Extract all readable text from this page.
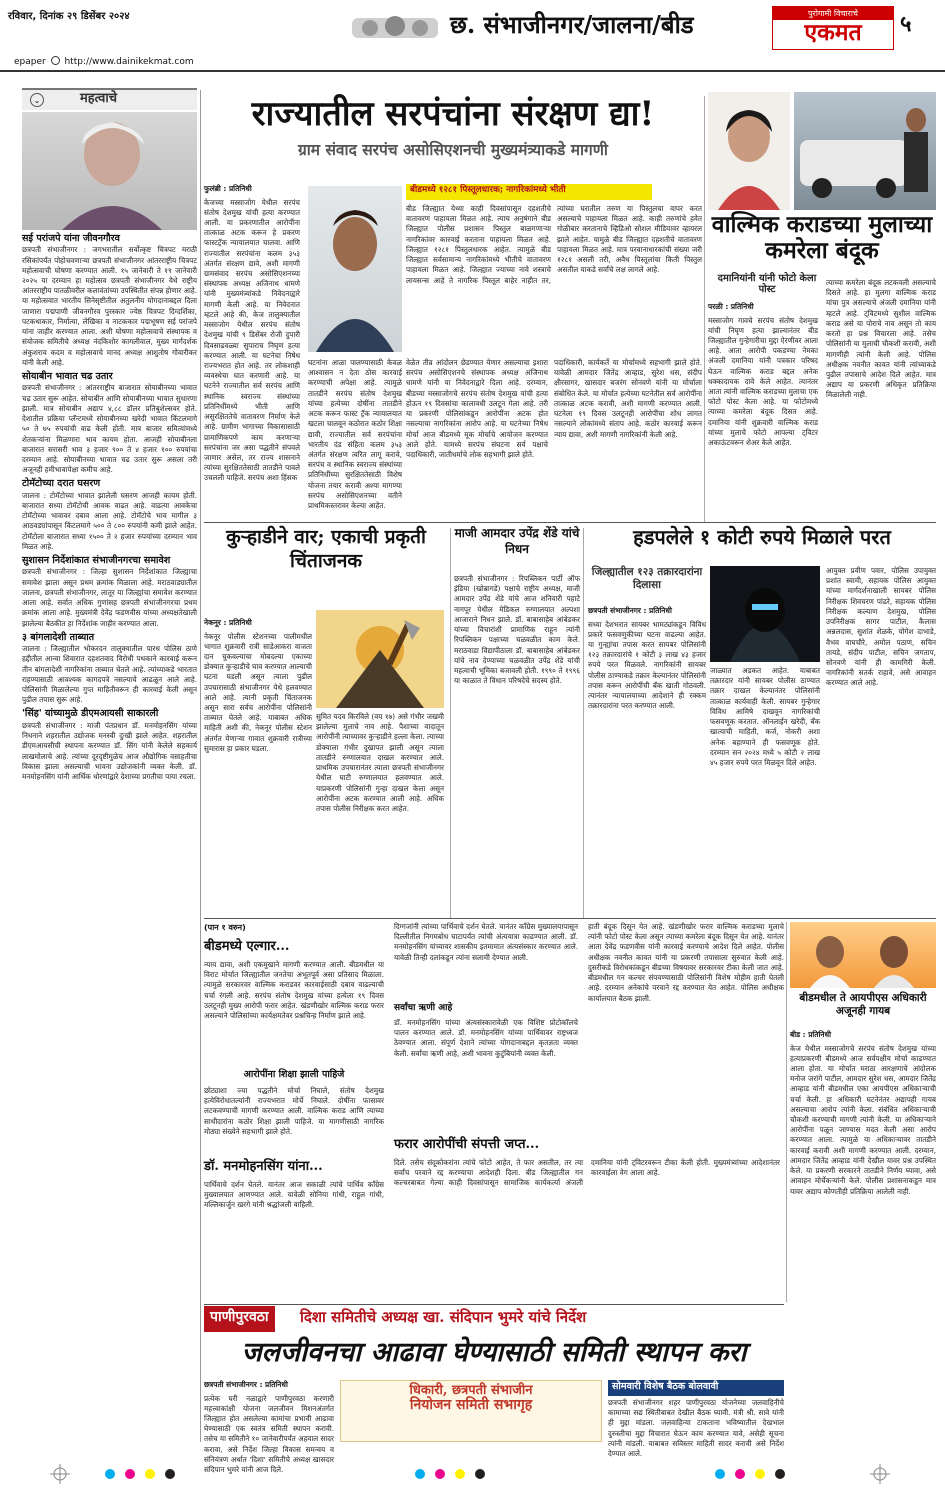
रविवार, दिनांक २९ डिसेंबर २०२४
epaper http://www.dainikekmat.com
छ. संभाजीनगर/जालना/बीड	पुरोगामी विचाराचे
एकमत	५
⌄	महत्वाचे
सई परांजपे यांना जीवनगौरव
छत्रपती संभाजीनगर : जगभरातील सर्वोत्कृष्ट चित्रपट मराठी रसिकांपर्यंत पोहोचवणाऱ्या छत्रपती संभाजीनगर आंतरराष्ट्रीय चित्रपट महोत्सवाची घोषणा करण्यात आली. १५ जानेवारी ते १९ जानेवारी २०२५ या दरम्यान हा महोत्सव छत्रपती संभाजीनगर येथे राष्ट्रीय आंतरराष्ट्रीय पातळीवरील कलावंतांच्या उपस्थितीत संपन्न होणार आहे. या महोत्सवात भारतीय सिनेसृष्टीतील अतुलनीय योगदानाबद्दल दिला जाणारा पद्मपाणी जीवनगौरव पुरस्कार ज्येष्ठ चित्रपट दिग्दर्शिका, पटकथाकार, निर्मात्या, लेखिका व नाटककार पद्मभूषण सई परांजपे यांना जाहीर करण्यात आला. अशी घोषणा महोत्सवाचे संस्थापक व संयोजक समितीचे अध्यक्ष नंदकिशोर कागलीवाल, मुख्य मार्गदर्शक अंकुशराव कदम व महोत्सवाचे मानद अध्यक्ष आशुतोष गोवारीकर यांनी केली आहे.
सोयाबीन भावात चढ उतार
छत्रपती संभाजीनगर : आंतरराष्ट्रीय बाजारात सोयाबीनच्या भावात चढ उतार सुरू आहेत. सोयाबीन आणि सोयाबीनच्या भावात सुधारणा झाली. मात्र सोयाबीन अद्याप ४,८८ डॉलर प्रतिबुशेल्सवर होते. देशातील प्रक्रिया प्लॅन्टमध्ये सोयाबीनच्या खरेदी भावात किंटलमागे ५० ते ७५ रुपयांची वाढ केली होती. मात्र बाजार समित्यांमध्ये शेतकऱ्यांना मिळणारा भाव कायम होता. आजही सोयाबीनला बाजारात सरासरी भाव ३ हजार ९०० ते ४ हजार १०० रुपयांचा दरम्यान आहे. सोयाबीनच्या भावात चढ उतार सुरू असला तरी अजूनही हमीभावापेक्षा कमीच आहे.
टोमॅटोच्या दरात घसरण
जालना : टोमॅटोच्या भावात झालेली घसरण आजही कायम होती. बाजारात सध्या टोमॅटोची आवक वाढत आहे. वाढत्या आवकेचा टोमॅटोच्या भावावर दबाव आला आहे. टोमॅटोचे भाव मागील ३ आठवड्यांपासून किंटलमागे ५०० ते ८०० रुपयांनी कमी झाले आहेत. टोमॅटोला बाजारात सध्या १५०० ते २ हजार रुपयांच्या दरम्यान भाव मिळत आहे.
सुशासन निर्देशांकात संभाजीनगरचा समावेश
छत्रपती संभाजीनगर : जिल्हा सुशासन निर्देशांकात जिल्ह्याचा समावेश झाला असून प्रथम क्रमांक मिळाला आहे. मराठवाड्यातील जालना, छत्रपती संभाजीनगर, लातूर या जिल्ह्यांचा समावेश करण्यात आला आहे. सर्वात अधिक गुणांसह छत्रपती संभाजीनगरचा प्रथम क्रमांक आला आहे. मुख्यमंत्री देवेंद्र फडणवीस यांच्या अध्यक्षतेखाली झालेल्या बैठकीत हा निर्देशांक जाहीर करण्यात आला.
३ बांगलादेशी ताब्यात
जालना : जिल्ह्यातील भोकरदन तालुक्यातील पारध पोलिस ठाणे हद्दीतील आन्वा शिवारात दहशतवाद विरोधी पथकाने कारवाई करून तीन बांगलादेशी नागरिकांना ताब्यात घेतले आहे. त्यांच्याकडे भारतात राहण्यासाठी आवश्यक कागदपत्रे नसल्याचे आढळून आले आहे. पोलिसांनी मिळालेल्या गुप्त माहितीवरून ही कारवाई केली असून पुढील तपास सुरू आहे.
'सिंह' यांच्यामुळे डीएमआयसी साकारली
छत्रपती संभाजीनगर : माजी पंतप्रधान डॉ. मनमोहनसिंग यांच्या निधनाने शहरातील उद्योजक मनस्वी दुःखी झाले आहेत. शहरातील डीएमआयसीची स्थापना करण्यात डॉ. सिंग यांनी केलेले सहकार्य लाखमोलाचे आहे. त्यांच्या दूरदृष्टीमुळेच आज औद्योगिक वसाहतीचा विकास झाला असल्याची भावना उद्योजकांनी व्यक्त केली. डॉ. मनमोहनसिंग यांनी आर्थिक धोरणांद्वारे देशाच्या प्रगतीचा पाया रचला.
राज्यातील सरपंचांना संरक्षण द्या!
ग्राम संवाद सरपंच असोसिएशनची मुख्यमंत्र्याकडे मागणी
फुलंब्री : प्रतिनिधी
केजच्या मस्साजोग येथील सरपंच संतोष देशमुख यांची हत्या करण्यात आली. या प्रकरणातील आरोपींना तात्काळ अटक करून हे प्रकरण फास्टट्रॅक न्यायालयात चालवा. आणि राज्यातील सरपंचांना कलम ३५३ अंतर्गत संरक्षण द्यावे, अशी मागणी ग्रामसंवाद सरपंच असोसिएशनच्या संस्थापक अध्यक्ष अजिनाथ धामणे यांनी मुख्यमंत्र्यांकडे निवेदनाद्वारे मागणी केली आहे. या निवेदनात म्हटले आहे की, केज तालुक्यातील मस्साजोग येथील सरपंच संतोष देशमुख यांची ९ डिसेंबर रोजी दुपारी दिवसाढवळ्या सुपाराच निघृण हत्या करण्यात आली. या घटनेचा निषेध राज्यभरात होत आहे. तर लोकशाही व्यवस्थेचा घात करणारी आहे. या घटनेने राज्यातील सर्व सरपंच आणि स्थानिक स्वराज्य संस्थांच्या प्रतिनिधींमध्ये भीती आणि असुरक्षिततेचे वातावरण निर्माण केले आहे. ग्रामीण भागाच्या विकासासाठी प्रामाणिकपणे काम करणाऱ्या सरपंचांना जर असा पद्धतीने संपवले जाणार असेल, तर राज्य शासनाने त्यांच्या सुरक्षिततेसाठी तातडीने पावले उचलली पाहिजे. सरपंच अशा हिंसक
घटनांना आळा पालण्यासाठी केवळ आश्वासन न देता ठोस कारवाई करण्याची अपेक्षा आहे. त्यामुळे तातडीने सरपंच संतोष देशमुख यांच्या हत्येच्या दोषींना तातडीने अटक करून फास्ट ट्रॅक न्यायालयात खटला चालवून कठोरात कठोर शिक्षा द्यावी, राज्यातील सर्व सरपंचांना भारतीय दंड संहिता कलम ३५३ अंतर्गत संरक्षण त्वरित लागू करावे, सरपंच व स्थानिक स्वराज्य संस्थांच्या प्रतिनिधींच्या सुरक्षिततेसाठी विशेष योजना तयार करावी अश्या मागण्या सरपंच असोसिएशनच्या वतीने प्राथमिकस्तरावर केल्या आहेत.
बीडमध्ये १२८१ पिस्तूलधारक; नागरिकांमध्ये भीती
बीड जिल्ह्यात येथ्या काही दिवसांपासून दहशतीचे वातावरण पाहायला मिळत आहे. त्याच अनुषंगाने बीड जिल्ह्यात पोलीस प्रशासन पिस्तुल बाळगणाऱ्या नागरिकांवर कारवाई करताना पाहायला मिळत आहे. जिल्ह्यात १२८१ पिस्तुलधारक आहेत. त्यामुळे बीड जिल्ह्यात सर्वसामान्य नागरिकांमध्ये भीतीचे वातावरण पाहायला मिळत आहे. जिल्ह्यात ज्याच्या नावे शस्त्राचे लायसन्स आहे ते नागरिक पिस्तूल बाहेर नाहीत तर, त्यांच्या घरातील तरुण या पिस्तुलचा वापर करत असल्याचे पाहायला मिळत आहे. काही तरुणांचे हवेत गोळीबार करतानाचे व्हिडिओ सोशल मीडियावर व्हायरल झाले आहेत. यामुळे बीड जिल्ह्यात दहशतीचे वातावरण पाहायला मिळत आहे. मात्र परवानाधारकांची संख्या जरी १२८१ असली तरी, अवैध पिस्तूलांचा किती पिस्तुल असतील याकडे सर्वांचे लक्ष लागले आहे.
वेळेत तीव्र आंदोलन छेडण्यात येणार असल्याचा इशारा सरपंच असोसिएशनचे संस्थापक अध्यक्ष अजिनाथ धामणे यांनी या निवेदनाद्वारे दिला आहे. दरम्यान, बीडच्या मस्साजोगचे सरपंच संतोष देशमुख यांची हत्या होऊन १९ दिवसांचा कालावधी उलटून गेला आहे. तरी या प्रकरणी पोलिसांकडून आरोपींना अटक होत नसल्याचा नागरिकांना आरोप आहे. या घटनेच्या निषेध मोर्चा आज बीडमध्ये मूक मोर्चाचे आयोजन करण्यात आले होते. यामध्ये सरपंच संघटना सर्व पक्षाचे पदाधिकारी, जातीधर्माचे लोक सहभागी झाले होते.
पदाधिकारी, कार्यकर्ते या मोर्चामध्ये सहभागी झाले होते. यावेळी आमदार जितेंद्र आव्हाड, सुरेश धस, संदीप क्षीरसागर, खासदार बजरंग सोनवणे यांनी या मोर्चाला संबोधित केले. या मोर्चात हत्येच्या घटनेतील सर्व आरोपींना तात्काळ अटक करावी, अशी मागणी करण्यात आली. घटनेला १९ दिवस उलटूनही आरोपींचा शोध लागत नसल्याने लोकांमध्ये संताप आहे. कठोर कारवाई करून न्याय द्यावा, अशी मागणी नागरिकांनी केली आहे.
वाल्मिक कराडच्या मुलाच्या कमरेला बंदूक
दमानियांनी यांनी फोटो केला पोस्ट
परळी : प्रतिनिधी
मस्साजोग गावचे सरपंच संतोष देशमुख यांची निघृण हत्या झाल्यानंतर बीड जिल्ह्यातील गुन्हेगारीचा मुद्दा ऐरणीवर आला आहे. आता आरोपी पकडण्या नेमका अंजली दमानिया यांनी पत्रकार परिषद घेऊन वाल्मिक कराड बद्दल अनेक धक्कादायक दावे केले आहेत. त्यानंतर आता त्यांनी वाल्मिक कराडच्या मुलाचा एक फोटो पोस्ट केला आहे. या फोटोमध्ये त्याच्या कमरेला बंदूक दिसत आहे. दमानिया यांनी शुक्रवारी वाल्मिक कराड यांच्या मुलाचे फोटो आपल्या ट्विटर अकाऊंटवरून शेअर केले आहेत.
त्याच्या कमरेला बंदूक लटकवली असल्याचे दिसते आहे. हा मुलगा वाल्मिक कराड यांचा पुत्र असल्याचे अंजली दमानिया यांनी म्हटले आहे. ट्विटमध्ये सुशील वाल्मिक कराड असे या पोराचे नाव असून तो काय करतो हा प्रश्न विचारला आहे. तसेच पोलिसांनी या मुलाची चौकशी करावी, अशी मागणीही त्यांनी केली आहे. पोलिस अधीक्षक नवनीत कावत यांनी त्यांच्याकडे पुढील तपासाचे आदेश दिले आहेत. मात्र अद्याप या प्रकरणी अधिकृत प्रतिक्रिया मिळालेली नाही.
कुऱ्हाडीने वार; एकाची प्रकृती चिंताजनक
नेकनूर : प्रतिनिधी
नेकनूर पोलीस स्टेशनच्या पालीमधील भागात शुक्रवारी रात्री साडेआकरा वाजता दान चुकवल्याचा मोबदल्या एकाच्या डोक्यात कुऱ्हाडीचे घाव करण्यात आल्याची घटना घडली असून त्याला पुढील उपचारासाठी संभाजीनगर येथे हलवण्यात आले आहे. त्यानी प्रकृती चिंताजनक असून सारा सर्वच आरोपींना पोलिसांनी ताब्यात घेतले आहे. याबाबत अधिक माहिती अशी की, नेकनूर पोलीस स्टेशन अंतर्गत येणाऱ्या गावात शुक्रवारी रात्रीच्या सुमारास हा प्रकार घडला.
सुमित यदव किरविले (वय १७) असे गंभीर जखमी झालेल्या मुलाचे नाव आहे. पैशाच्या वादातून आरोपींनी त्याच्यावर कुऱ्हाडीने हल्ला केला. त्याच्या डोक्याला गंभीर दुखापत झाली असून त्याला तातडीने रुग्णालयात दाखल करण्यात आले. प्राथमिक उपचारानंतर त्याला छत्रपती संभाजीनगर येथील घाटी रुग्णालयात हलवण्यात आले. याप्रकरणी पोलिसांनी गुन्हा दाखल केला असून आरोपींना अटक करण्यात आली आहे. अधिक तपास पोलीस निरीक्षक करत आहेत.
माजी आमदार उपेंद्र शेंडे यांचे निधन
छत्रपती संभाजीनगर : रिपब्लिकन पार्टी ऑफ इंडिया (खोब्रागडे) पक्षाचे राष्ट्रीय अध्यक्ष, माजी आमदार उपेंद्र शेंडे यांचे आज शनिवारी पहाटे नागपूर येथील मेडिकल रुग्णालयात अल्पशा आजाराने निधन झाले. डॉ. बाबासाहेब आंबेडकर यांच्या विचारांशी प्रामाणिक राहून त्यांनी रिपब्लिकन पक्षाच्या चळवळीत काम केले. मराठवाडा विद्यापीठाला डॉ. बाबासाहेब आंबेडकर यांचे नाव देण्याच्या चळवळीत उपेंद्र शेंडे यांची महत्वाची भूमिका बजावली होती. १९९० ते १९९६ या काळात ते विधान परिषदेचे सदस्य होते.
हडपलेले १ कोटी रुपये मिळाले परत
जिल्ह्यातील १२३ तक्रारदारांना दिलासा
छत्रपती संभाजीनगर : प्रतिनिधी
सध्या देशभरात सायबर भामट्यांकडून विविध प्रकारे फसवणुकीच्या घटना वाढल्या आहेत. या गुन्ह्यांचा तपास करत सायबर पोलिसांनी १२३ तक्रारदारांचे १ कोटी ३ लाख ४३ हजार रुपये परत मिळवले. नागरिकांनी सायबर पोलीस ठाण्याकडे तक्रार केल्यानंतर पोलिसांनी तपास करून आरोपींची बँक खाती गोठवली. त्यानंतर न्यायालयाच्या आदेशाने ही रक्कम तक्रारदारांना परत करण्यात आली.
जाळ्यात अडकत आहेत. याबाबत तक्रारदार यांनी सायबर पोलीस ठाण्यात तक्रार दाखल केल्यानंतर पोलिसांनी तात्काळ कार्यवाही केली. सायबर गुन्हेगार विविध आमिषे दाखवून नागरिकांची फसवणूक करतात. ऑनलाईन खरेदी, बँक खात्याची माहिती, कर्ज, नोकरी अशा अनेक बहाण्याने ही फसवणूक होते. दरम्यान सन २०२४ मध्ये ५ कोटी २ लाख ४५ हजार रुपये परत मिळवून दिले आहेत.
आयुक्त प्रवीण पवार, पोलिस उपायुक्त प्रशांत स्वामी, सहायक पोलिस आयुक्त यांच्या मार्गदर्शनाखाली सायबर पोलिस निरीक्षक शिवचरण पांढरे, सहायक पोलिस निरीक्षक कल्याण देशमुख, पोलिस उपनिरीक्षक सागर पाटील, कैलास अन्नलदास, सुशांत शेळके, योगेश दाभाडे, वैभव वाघचौरे, अमोल पठाण, सचिन तायडे, संदीप पाटील, सचिन जगताप, सोनवणे यांनी ही कामगिरी केली. नागरिकांनी सतर्क राहावे, असे आवाहन करण्यात आले आहे.
(पान १ वरुन)
बीडमध्ये एल्गार...
न्याय द्यावा, अशी एकमुखाने मागणी करण्यात आली. बीडमधील या विराट मोर्चात जिल्ह्यातील जनतेचा अभूतपूर्व असा प्रतिसाद मिळाला. त्यामुळे सरकारवर वाल्मिक कराडवर कारवाईसाठी दबाव वाढल्याची चर्चा रंगली आहे. सरपंच संतोष देशमुख यांच्या हत्येला १९ दिवस उलटूनही मुख्य आरोपी फरार आहेत. खंडणीखोर वाल्मिक कराड फरार असल्याने पोलिसांच्या कार्यक्षमतेवर प्रश्नचिन्ह निर्माण झाले आहे.
आरोपींना शिक्षा झाली पाहिजे
छोट्याशा ज्या पद्धतीने मोर्चा निघाले, संतोष देशमुख हत्येविरोधातल्यांनी राज्यभरात मोर्चे निघाले. दोषींना फासावर लटकवण्याची मागणी करण्यात आली. वाल्मिक कराड आणि त्याच्या साथीदारांना कठोर शिक्षा झाली पाहिजे. या मागणीसाठी नागरिक मोठ्या संख्येने सहभागी झाले होते.
डॉ. मनमोहनसिंग यांना...
पार्थिवाचे दर्शन घेतले. यानंतर आज सकाळी त्यांचे पार्थिव काँग्रेस मुख्यालयात आणण्यात आले. यावेळी सोनिया गांधी, राहुल गांधी, मल्लिकार्जुन खरगे यांनी श्रद्धांजली वाहिली.
दिग्गजांनी त्यांच्या पार्थिवाचे दर्शन घेतले. यानंतर काँग्रेस मुख्यालयापासून दिल्लीतील निगमबोध घाटापर्यंत त्यांची अंत्ययात्रा काढण्यात आली. डॉ. मनमोहनसिंग यांच्यावर शासकीय इतमामात अंत्यसंस्कार करण्यात आले. यावेळी तिन्ही दलांकडून त्यांना सलामी देण्यात आली.
सर्वांचा ऋणी आहे
डॉ. मनमोहनसिंग यांच्या अंत्यसंस्कारावेळी एक विशिष्ट प्रोटोकॉलचे पालन करण्यात आले. डॉ. मनमोहनसिंग यांच्या पार्थिवावर राष्ट्रध्वज ठेवण्यात आला. संपूर्ण देशाने त्यांच्या योगदानाबद्दल कृतज्ञता व्यक्त केली. सर्वांचा ऋणी आहे, अशी भावना कुटुंबियांनी व्यक्त केली.
फरार आरोपींची संपत्ती जप्त...
दिले. तसेच संदूकोकरांना त्यांचे फोटो आहेत, ते फार असतील, तर त्या सर्वांच परवाने रद्द करण्याचा आदेशही दिला. बीड जिल्ह्यातील गन कल्चरबाबत गेल्या काही दिवसांपासून सामाजिक कार्यकर्त्या अंजली दमानिया यांनी ट्विटरवरून टीका केली होती. मुख्यमंत्र्यांच्या आदेशानंतर कारवाईला वेग आला आहे.
हाती बंदूक दिसून येत आहे. खंडणीखोर फरार वाल्मिक कराडच्या मुलाचे त्यांनी फोटो पोस्ट केला असून त्याच्या कमरेला बंदूक दिसून येत आहे. यानंतर आता देवेंद्र फडणवीस यांनी कारवाई करण्याचे आदेश दिले आहेत. पोलीस अधीक्षक नवनीत कावत यांनी या प्रकरणी तपासाला सुरुवात केली आहे. दुसरीकडे विरोधकांकडून बीडच्या विषयावर सरकारवर टीका केली जात आहे. बीडमधील गन कल्चर संपवण्यासाठी पोलिसांनी विशेष मोहीम हाती घेतली आहे. दरम्यान अनेकांचे परवाने रद्द करण्यात येत आहेत. पोलिस अधीक्षक कार्यालयात बैठक झाली.	बीडमधील ते आयपीएस अधिकारी अजूनही गायब
बीड : प्रतिनिधी
केज येथील मस्साजोगचे सरपंच संतोष देशमुख यांच्या हत्याप्रकरणी बीडमध्ये आज सर्वपक्षीय मोर्चा काढण्यात आला होता. या मोर्चात मराठा आरक्षणाचे आंदोलक मनोज जरांगे पाटील, आमदार सुरेश धस, आमदार जितेंद्र आव्हाड यांनी बीडमधील एका आयपीएस अधिकाऱ्याची चर्चा केली. हा अधिकारी घटनेनंतर अद्यापही गायब असल्याचा आरोप त्यांनी केला. संबंधित अधिकाऱ्याची चौकशी करण्याची मागणी त्यांनी केली. या अधिकाऱ्याने आरोपींना पळून जाण्यास मदत केली असा आरोप करण्यात आला. त्यामुळे या अधिकाऱ्यावर तातडीने कारवाई करावी अशी मागणी करण्यात आली. दरम्यान, आमदार जितेंद्र आव्हाड यांनी देखील यावर प्रश्न उपस्थित केले. या प्रकरणी सरकारने तातडीने निर्णय घ्यावा, असे आवाहन मोर्चेकऱ्यांनी केले. पोलीस प्रशासनाकडून मात्र यावर अद्याप कोणतीही प्रतिक्रिया आलेली नाही.
पाणीपुरवठा	दिशा समितीचे अध्यक्ष खा. संदिपान भुमरे यांचे निर्देश
जलजीवनचा आढावा घेण्यासाठी समिती स्थापन करा
छत्रपती संभाजीनगर : प्रतिनिधी
प्रत्येक घरी नळाद्वारे पाणीपुरवठा करणारी महत्त्वाकांक्षी योजना जलजीवन मिशनअंतर्गत जिल्ह्यात होत असलेल्या कामांचा प्रभावी आढावा घेण्यासाठी एक स्वतंत्र समिती स्थापन करावी. तसेच या समितीने १० जानेवारीपर्यंत अहवाल सादर करावा, असे निर्देश जिल्हा विकास समन्वय व संनियंत्रण अर्थात 'दिशा' समितीचे अध्यक्ष खासदार संदिपान भुमरे यांनी आज दिले.
धिकारी, छत्रपती संभाजीन
नियोजन समिती सभागृह
सोमवारी विशेष बैठक बोलवावी
छत्रपती संभाजीनगर शहर पाणीपुरवठा योजनेच्या जलवाहिनीचे कामाच्या सद्य स्थितीबाबत देखील बैठक घ्यावी. मंत्री श्री. सावे यांनी ही मुद्दा मांडला. जलवाहिन्या टाकताना भविष्यातील देखभाल दुरुस्तीचा मुद्दा विचारात घेऊन काम करण्यात यावे, असेही सूचना त्यांनी मांडली. याबाबत सविस्तर माहिती सादर करावी असे निर्देश देण्यात आले.
